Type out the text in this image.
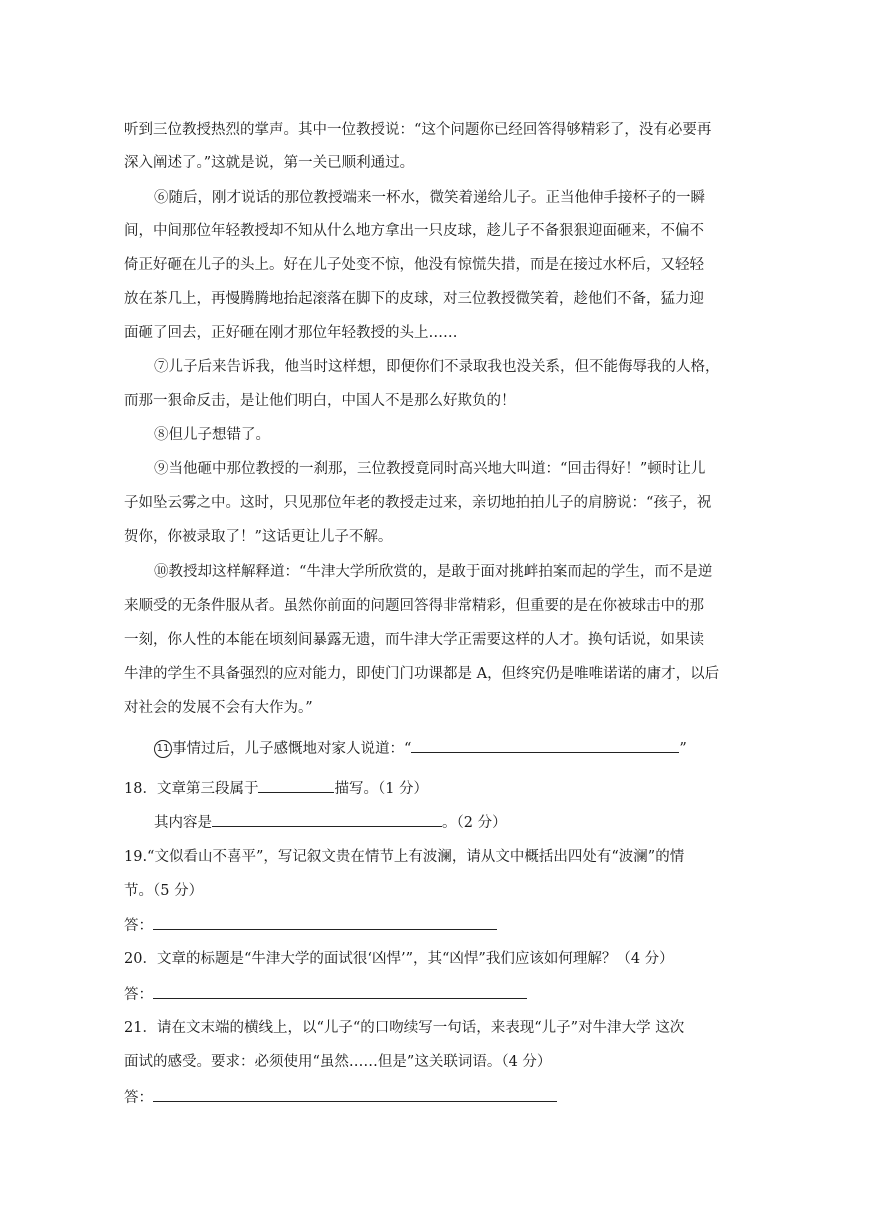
听到三位教授热烈的掌声。其中一位教授说：“这个问题你已经回答得够精彩了，没有必要再
深入阐述了。”这就是说，第一关已顺利通过。
⑥随后，刚才说话的那位教授端来一杯水，微笑着递给儿子。正当他伸手接杯子的一瞬
间，中间那位年轻教授却不知从什么地方拿出一只皮球，趁儿子不备狠狠迎面砸来，不偏不
倚正好砸在儿子的头上。好在儿子处变不惊，他没有惊慌失措，而是在接过水杯后，又轻轻
放在茶几上，再慢腾腾地抬起滚落在脚下的皮球，对三位教授微笑着，趁他们不备，猛力迎
面砸了回去，正好砸在刚才那位年轻教授的头上……
⑦儿子后来告诉我，他当时这样想，即便你们不录取我也没关系，但不能侮辱我的人格，
而那一狠命反击，是让他们明白，中国人不是那么好欺负的！
⑧但儿子想错了。
⑨当他砸中那位教授的一刹那，三位教授竟同时高兴地大叫道：“回击得好！”顿时让儿
子如坠云雾之中。这时，只见那位年老的教授走过来，亲切地拍拍儿子的肩膀说：“孩子，祝
贺你，你被录取了！”这话更让儿子不解。
⑩教授却这样解释道：“牛津大学所欣赏的，是敢于面对挑衅拍案而起的学生，而不是逆
来顺受的无条件服从者。虽然你前面的问题回答得非常精彩，但重要的是在你被球击中的那
一刻，你人性的本能在顷刻间暴露无遗，而牛津大学正需要这样的人才。换句话说，如果读
牛津的学生不具备强烈的应对能力，即使门门功课都是 A，但终究仍是唯唯诺诺的庸才，以后
对社会的发展不会有大作为。”
11 事情过后，儿子感慨地对家人说道：“	”
18．文章第三段属于	描写。（1 分）
其内容是	。（2 分）
19.“文似看山不喜平”，写记叙文贵在情节上有波澜，请从文中概括出四处有“波澜”的情
节。（5 分）
答：
20．文章的标题是“牛津大学的面试很‘凶悍’”，其“凶悍”我们应该如何理解？（4 分）
答：
21．请在文末端的横线上，以“儿子“的口吻续写一句话，来表现“儿子”对牛津大学 这次
面试的感受。要求：必须使用“虽然……但是”这关联词语。（4 分）
答：
